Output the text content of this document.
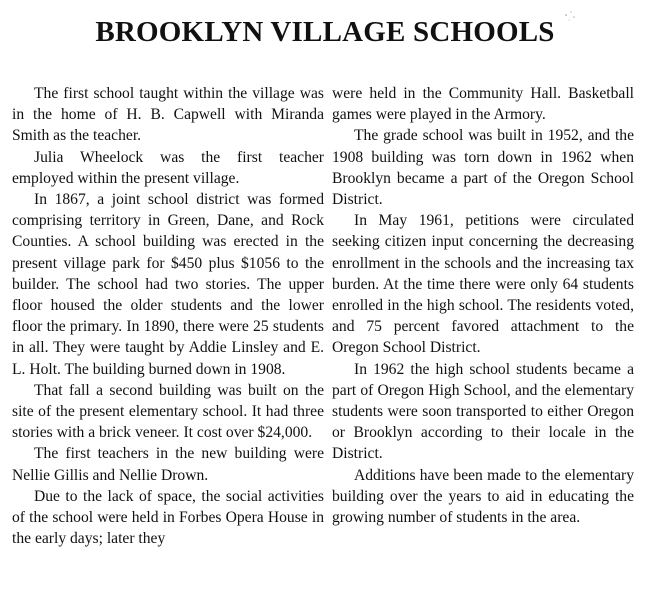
BROOKLYN VILLAGE SCHOOLS

The first school taught within the village was in the home of H. B. Capwell with Miranda Smith as the teacher.

Julia Wheelock was the first teacher employed within the present village.

In 1867, a joint school district was formed comprising territory in Green, Dane, and Rock Counties. A school building was erected in the present village park for $450 plus $1056 to the builder. The school had two stories. The upper floor housed the older students and the lower floor the primary. In 1890, there were 25 students in all. They were taught by Addie Linsley and E. L. Holt. The building burned down in 1908.

That fall a second building was built on the site of the present elementary school. It had three stories with a brick veneer. It cost over $24,000.

The first teachers in the new building were Nellie Gillis and Nellie Drown.

Due to the lack of space, the social activities of the school were held in Forbes Opera House in the early days; later they

were held in the Community Hall. Basketball games were played in the Armory.

The grade school was built in 1952, and the 1908 building was torn down in 1962 when Brooklyn became a part of the Oregon School District.

In May 1961, petitions were circulated seeking citizen input concerning the decreasing enrollment in the schools and the increasing tax burden. At the time there were only 64 students enrolled in the high school. The residents voted, and 75 percent favored attachment to the Oregon School District.

In 1962 the high school students became a part of Oregon High School, and the elementary students were soon transported to either Oregon or Brooklyn according to their locale in the District.

Additions have been made to the elementary building over the years to aid in educating the growing number of students in the area.
